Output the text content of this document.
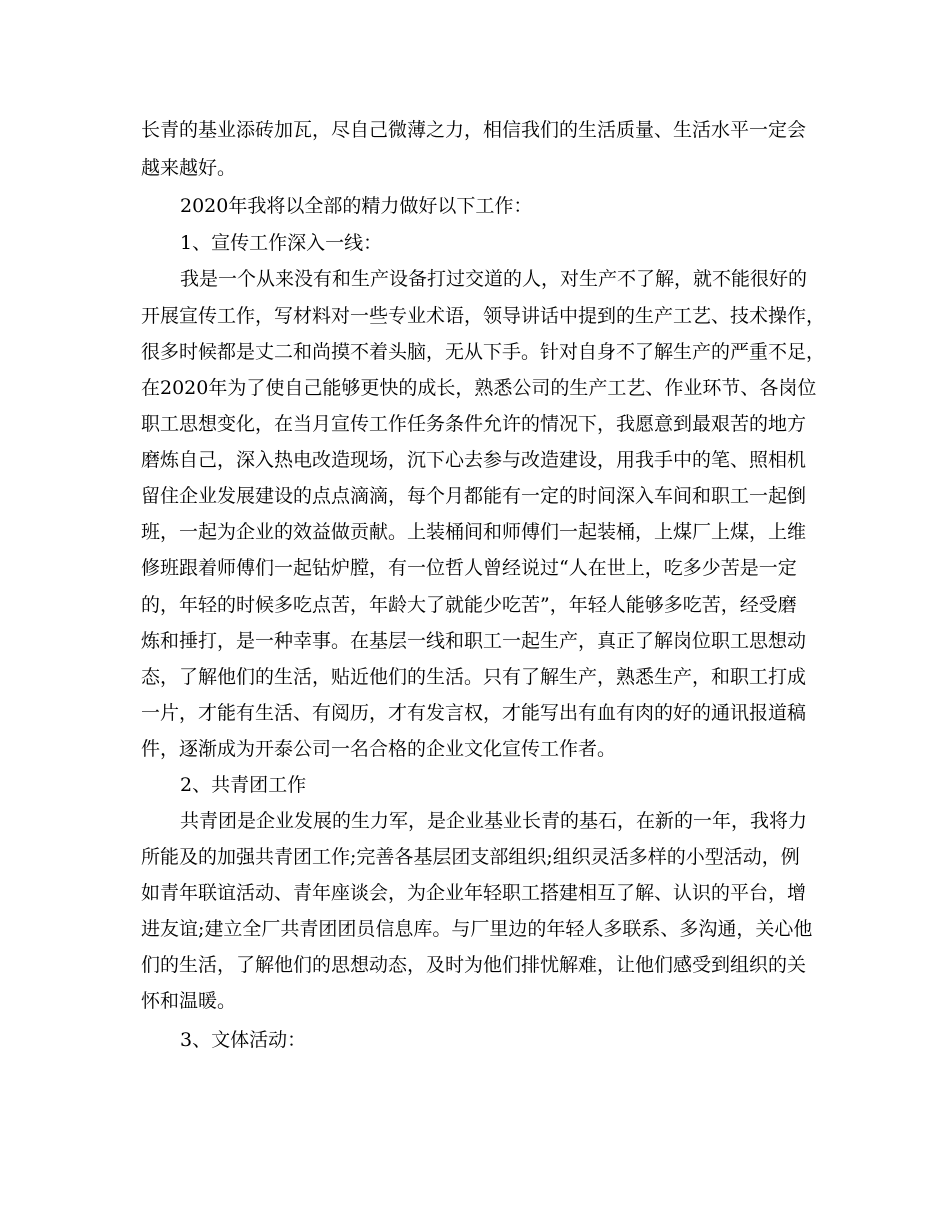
长青的基业添砖加瓦，尽自己微薄之力，相信我们的生活质量、生活水平一定会
越来越好。
2020年我将以全部的精力做好以下工作：
1、宣传工作深入一线：
我是一个从来没有和生产设备打过交道的人，对生产不了解，就不能很好的
开展宣传工作，写材料对一些专业术语，领导讲话中提到的生产工艺、技术操作，
很多时候都是丈二和尚摸不着头脑，无从下手。针对自身不了解生产的严重不足，
在2020年为了使自己能够更快的成长，熟悉公司的生产工艺、作业环节、各岗位
职工思想变化，在当月宣传工作任务条件允许的情况下，我愿意到最艰苦的地方
磨炼自己，深入热电改造现场，沉下心去参与改造建设，用我手中的笔、照相机
留住企业发展建设的点点滴滴，每个月都能有一定的时间深入车间和职工一起倒
班，一起为企业的效益做贡献。上装桶间和师傅们一起装桶，上煤厂上煤，上维
修班跟着师傅们一起钻炉膛，有一位哲人曾经说过“人在世上，吃多少苦是一定
的，年轻的时候多吃点苦，年龄大了就能少吃苦”，年轻人能够多吃苦，经受磨
炼和捶打，是一种幸事。在基层一线和职工一起生产，真正了解岗位职工思想动
态，了解他们的生活，贴近他们的生活。只有了解生产，熟悉生产，和职工打成
一片，才能有生活、有阅历，才有发言权，才能写出有血有肉的好的通讯报道稿
件，逐渐成为开泰公司一名合格的企业文化宣传工作者。
2、共青团工作
共青团是企业发展的生力军，是企业基业长青的基石，在新的一年，我将力
所能及的加强共青团工作;完善各基层团支部组织;组织灵活多样的小型活动，例
如青年联谊活动、青年座谈会，为企业年轻职工搭建相互了解、认识的平台，增
进友谊;建立全厂共青团团员信息库。与厂里边的年轻人多联系、多沟通，关心他
们的生活，了解他们的思想动态，及时为他们排忧解难，让他们感受到组织的关
怀和温暖。
3、文体活动：
